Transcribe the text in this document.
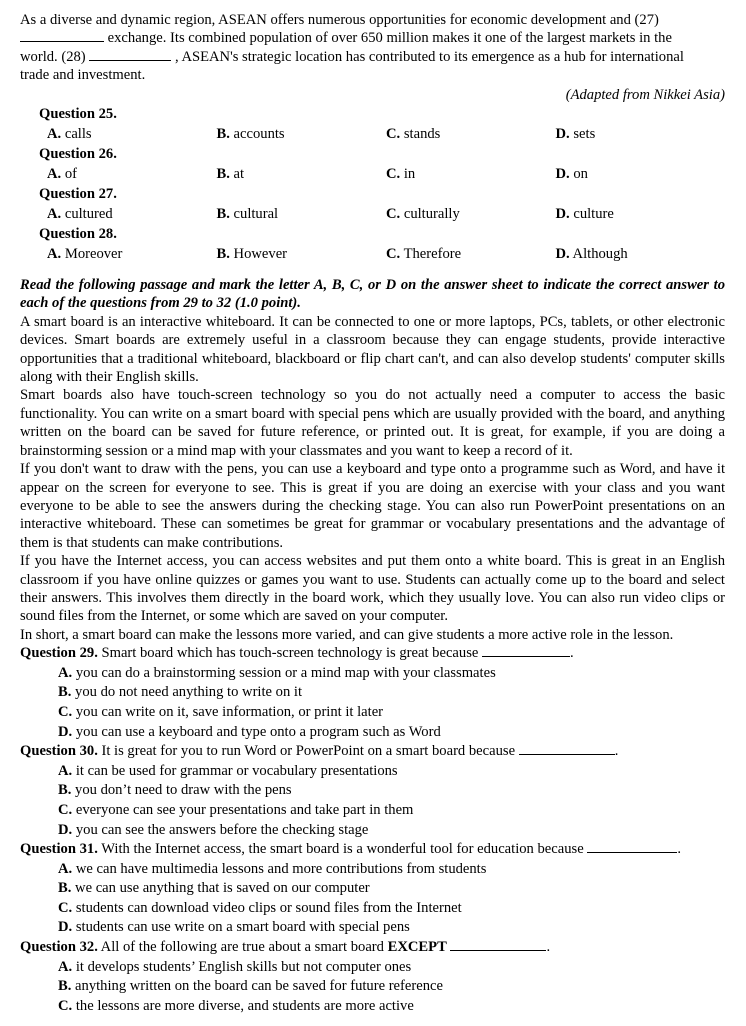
As a diverse and dynamic region, ASEAN offers numerous opportunities for economic development and (27)

exchange. Its combined population of over 650 million makes it one of the largest markets in the

world. (28)	, ASEAN's strategic location has contributed to its emergence as a hub for international

trade and investment.

(Adapted from Nikkei Asia)

Question 25.
A. calls	B. accounts	C. stands	D. sets
Question 26.
A. of	B. at	C. in	D. on
Question 27.
A. cultured	B. cultural	C. culturally	D. culture
Question 28.
A. Moreover	B. However	C. Therefore	D. Although

Read the following passage and mark the letter A, B, C, or D on the answer sheet to indicate the correct answer to each of the questions from 29 to 32 (1.0 point).

A smart board is an interactive whiteboard. It can be connected to one or more laptops, PCs, tablets, or other electronic devices. Smart boards are extremely useful in a classroom because they can engage students, provide interactive opportunities that a traditional whiteboard, blackboard or flip chart can't, and can also develop students' computer skills along with their English skills.

Smart boards also have touch-screen technology so you do not actually need a computer to access the basic functionality. You can write on a smart board with special pens which are usually provided with the board, and anything written on the board can be saved for future reference, or printed out. It is great, for example, if you are doing a brainstorming session or a mind map with your classmates and you want to keep a record of it.

If you don't want to draw with the pens, you can use a keyboard and type onto a programme such as Word, and have it appear on the screen for everyone to see. This is great if you are doing an exercise with your class and you want everyone to be able to see the answers during the checking stage. You can also run PowerPoint presentations on an interactive whiteboard. These can sometimes be great for grammar or vocabulary presentations and the advantage of them is that students can make contributions.

If you have the Internet access, you can access websites and put them onto a white board. This is great in an English classroom if you have online quizzes or games you want to use. Students can actually come up to the board and select their answers. This involves them directly in the board work, which they usually love. You can also run video clips or sound files from the Internet, or some which are saved on your computer.

In short, a smart board can make the lessons more varied, and can give students a more active role in the lesson.

Question 29. Smart board which has touch-screen technology is great because	.
A. you can do a brainstorming session or a mind map with your classmates
B. you do not need anything to write on it
C. you can write on it, save information, or print it later
D. you can use a keyboard and type onto a program such as Word
Question 30. It is great for you to run Word or PowerPoint on a smart board because	.
A. it can be used for grammar or vocabulary presentations
B. you don’t need to draw with the pens
C. everyone can see your presentations and take part in them
D. you can see the answers before the checking stage
Question 31. With the Internet access, the smart board is a wonderful tool for education because	.
A. we can have multimedia lessons and more contributions from students
B. we can use anything that is saved on our computer
C. students can download video clips or sound files from the Internet
D. students can use write on a smart board with special pens
Question 32. All of the following are true about a smart board EXCEPT	.
A. it develops students’ English skills but not computer ones
B. anything written on the board can be saved for future reference
C. the lessons are more diverse, and students are more active
